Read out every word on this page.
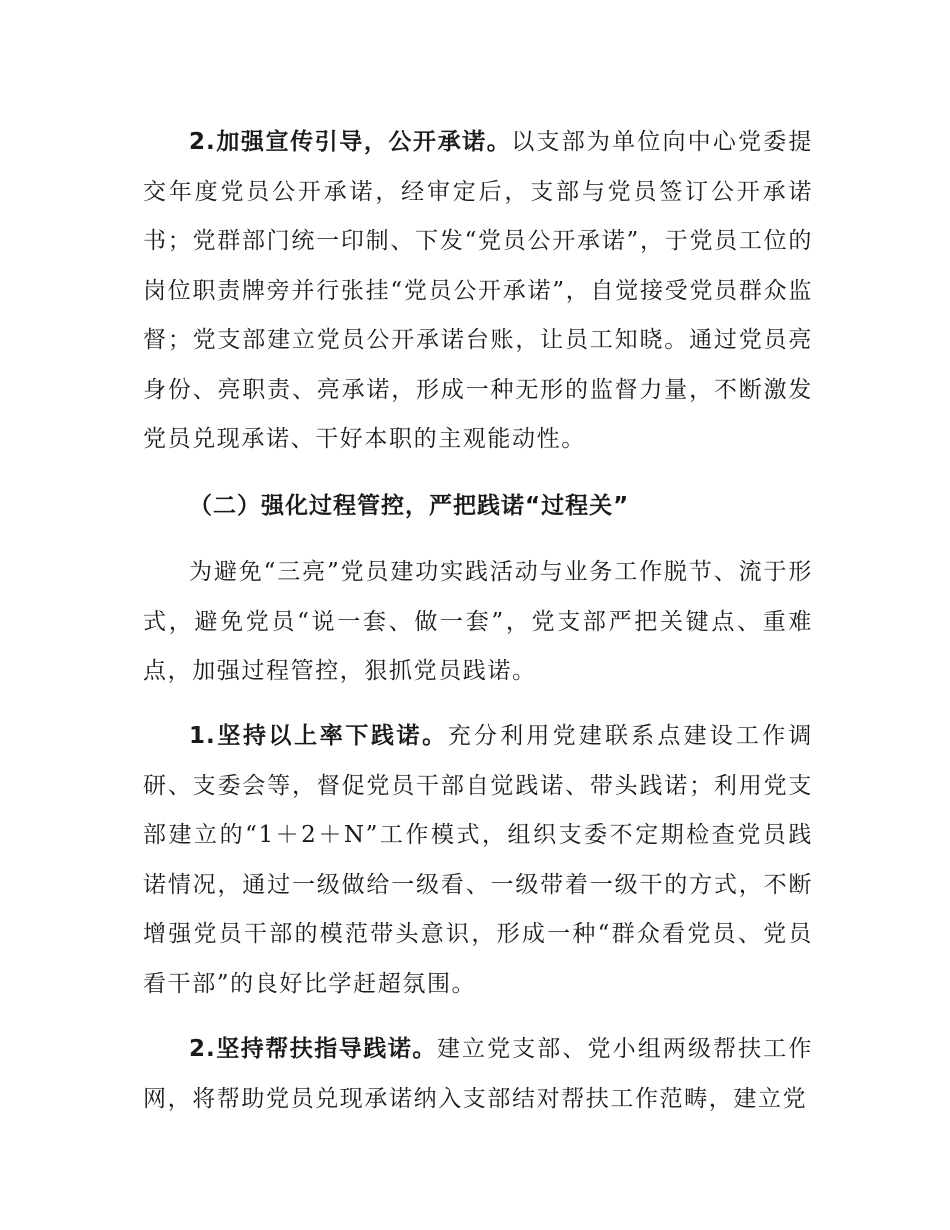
2.加强宣传引导，公开承诺。以支部为单位向中心党委提交年度党员公开承诺，经审定后，支部与党员签订公开承诺书；党群部门统一印制、下发“党员公开承诺”，于党员工位的岗位职责牌旁并行张挂“党员公开承诺”，自觉接受党员群众监督；党支部建立党员公开承诺台账，让员工知晓。通过党员亮身份、亮职责、亮承诺，形成一种无形的监督力量，不断激发党员兑现承诺、干好本职的主观能动性。

（二）强化过程管控，严把践诺“过程关”

为避免“三亮”党员建功实践活动与业务工作脱节、流于形式，避免党员“说一套、做一套”，党支部严把关键点、重难点，加强过程管控，狠抓党员践诺。

1.坚持以上率下践诺。充分利用党建联系点建设工作调研、支委会等，督促党员干部自觉践诺、带头践诺；利用党支部建立的“1＋2＋N”工作模式，组织支委不定期检查党员践诺情况，通过一级做给一级看、一级带着一级干的方式，不断增强党员干部的模范带头意识，形成一种“群众看党员、党员看干部”的良好比学赶超氛围。

2.坚持帮扶指导践诺。建立党支部、党小组两级帮扶工作网，将帮助党员兑现承诺纳入支部结对帮扶工作范畴，建立党
